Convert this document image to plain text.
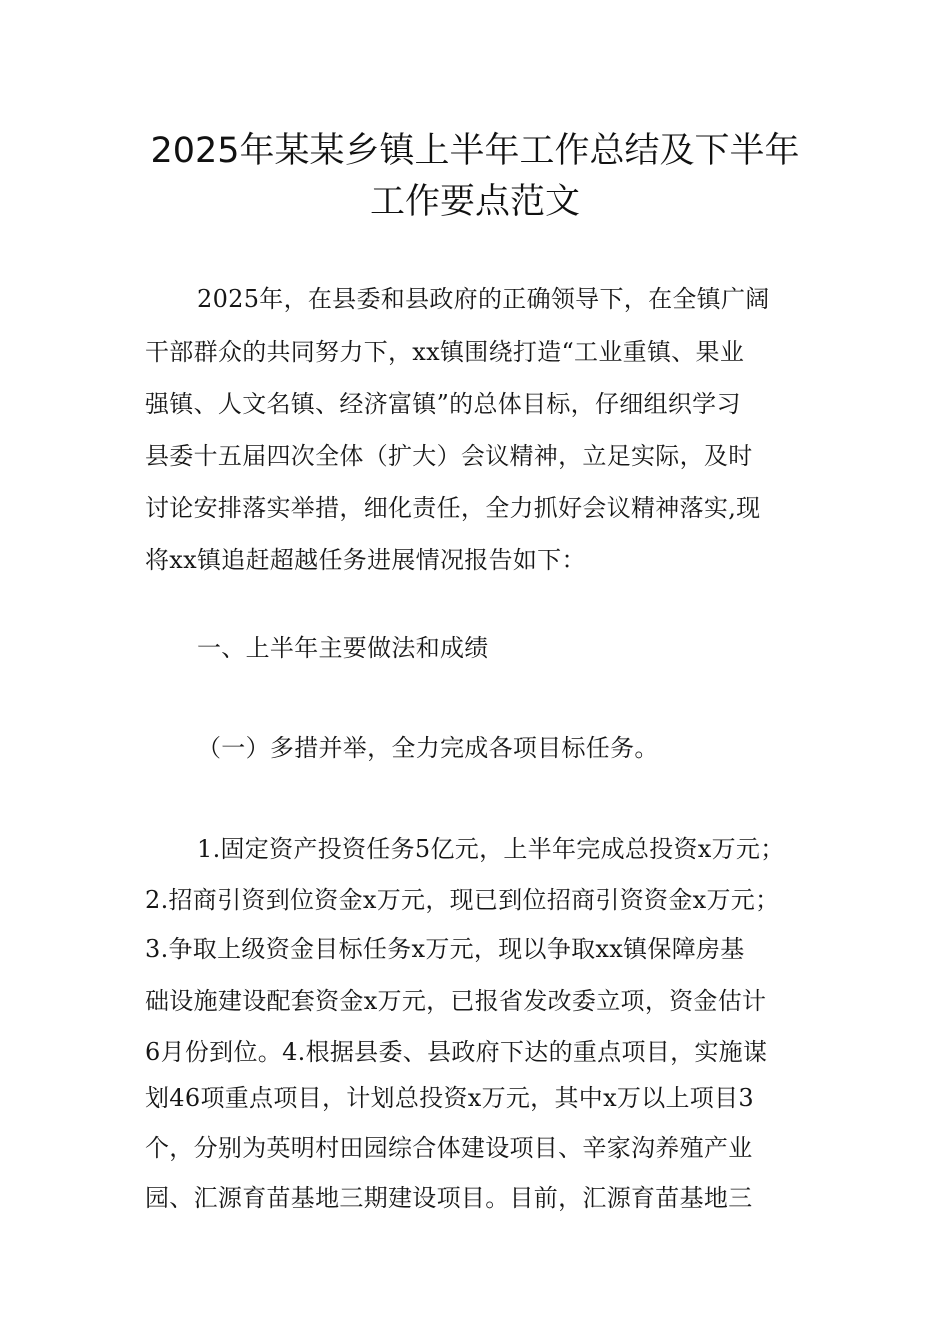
2025年某某乡镇上半年工作总结及下半年
工作要点范文
2025年，在县委和县政府的正确领导下，在全镇广阔
干部群众的共同努力下，xx镇围绕打造“工业重镇、果业
强镇、人文名镇、经济富镇”的总体目标，仔细组织学习
县委十五届四次全体（扩大）会议精神，立足实际，及时
讨论安排落实举措，细化责任，全力抓好会议精神落实,现
将xx镇追赶超越任务进展情况报告如下：
一、上半年主要做法和成绩
（一）多措并举，全力完成各项目标任务。
1.固定资产投资任务5亿元，上半年完成总投资x万元；
2.招商引资到位资金x万元，现已到位招商引资资金x万元；
3.争取上级资金目标任务x万元，现以争取xx镇保障房基
础设施建设配套资金x万元，已报省发改委立项，资金估计
6月份到位。4.根据县委、县政府下达的重点项目，实施谋
划46项重点项目，计划总投资x万元，其中x万以上项目3
个，分别为英明村田园综合体建设项目、辛家沟养殖产业
园、汇源育苗基地三期建设项目。目前，汇源育苗基地三
